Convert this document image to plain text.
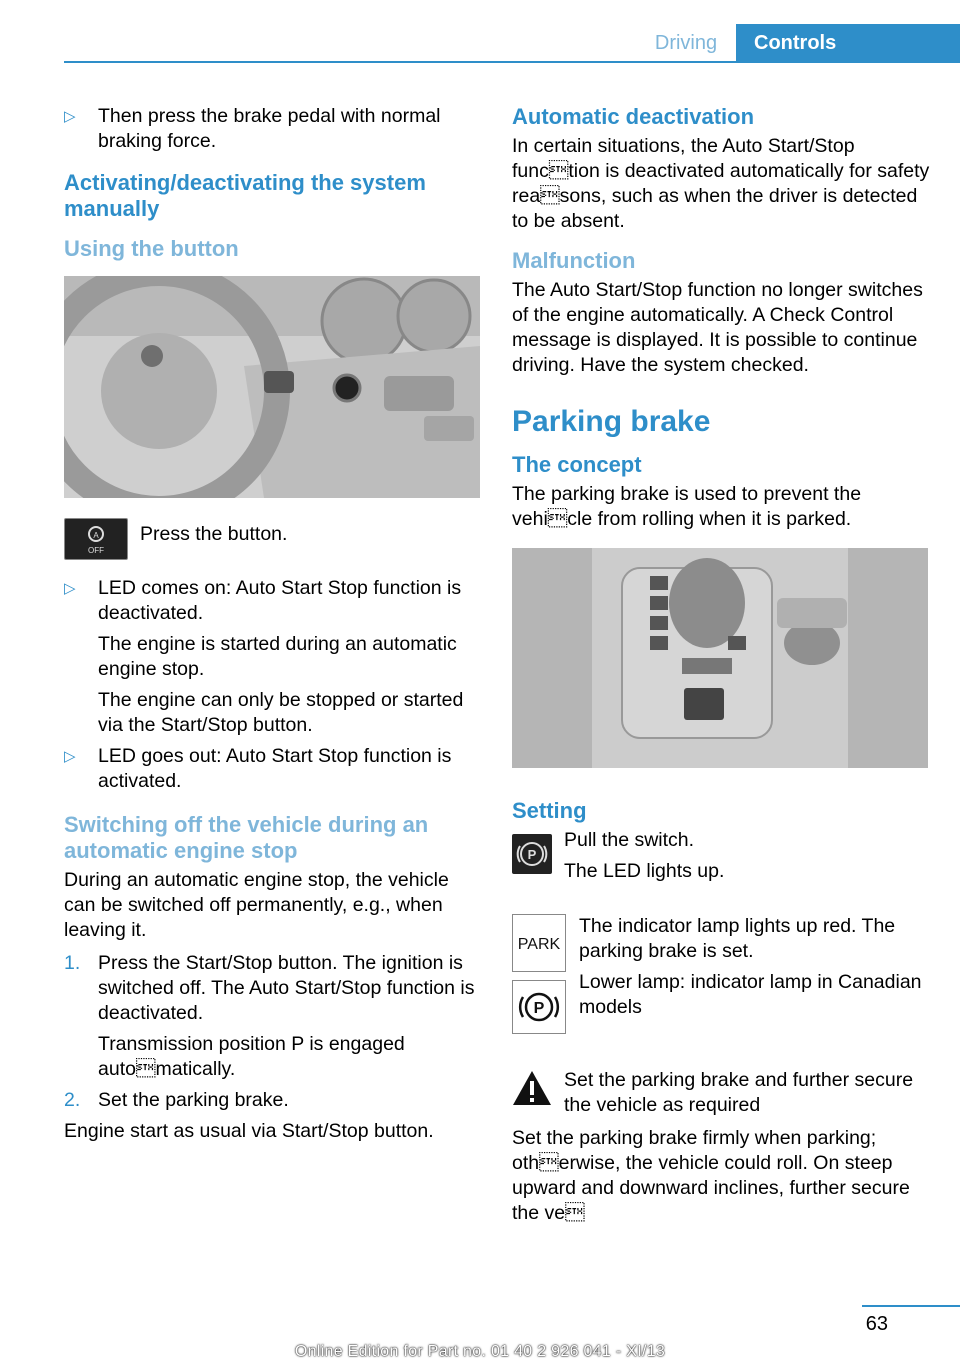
Driving	Controls
▷	Then press the brake pedal with normal braking force.

Activating/deactivating the system manually
Using the button
A
OFF

Press the button.

▷	LED comes on: Auto Start Stop function is deactivated.

The engine is started during an automatic engine stop.

The engine can only be stopped or started via the Start/Stop button.

▷	LED goes out: Auto Start Stop function is activated.

Switching off the vehicle during an automatic engine stop

During an automatic engine stop, the vehicle can be switched off permanently, e.g., when leaving it.

1. Press the Start/Stop button. The ignition is switched off. The Auto Start/Stop function is deactivated.

Transmission position P is engaged automatically.

2. Set the parking brake.

Engine start as usual via Start/Stop button.

Automatic deactivation

In certain situations, the Auto Start/Stop function is deactivated automatically for safety reasons, such as when the driver is detected to be absent.

Malfunction

The Auto Start/Stop function no longer switches of the engine automatically. A Check Control message is displayed. It is possible to continue driving. Have the system checked.

Parking brake
The concept

The parking brake is used to prevent the vehicle from rolling when it is parked.

Setting
P

Pull the switch.

The LED lights up.

PARK
P

The indicator lamp lights up red. The parking brake is set.

Lower lamp: indicator lamp in Canadian models

Set the parking brake and further secure the vehicle as required

Set the parking brake firmly when parking; otherwise, the vehicle could roll. On steep upward and downward inclines, further secure the ve

63
Online Edition for Part no. 01 40 2 926 041 - XI/13
